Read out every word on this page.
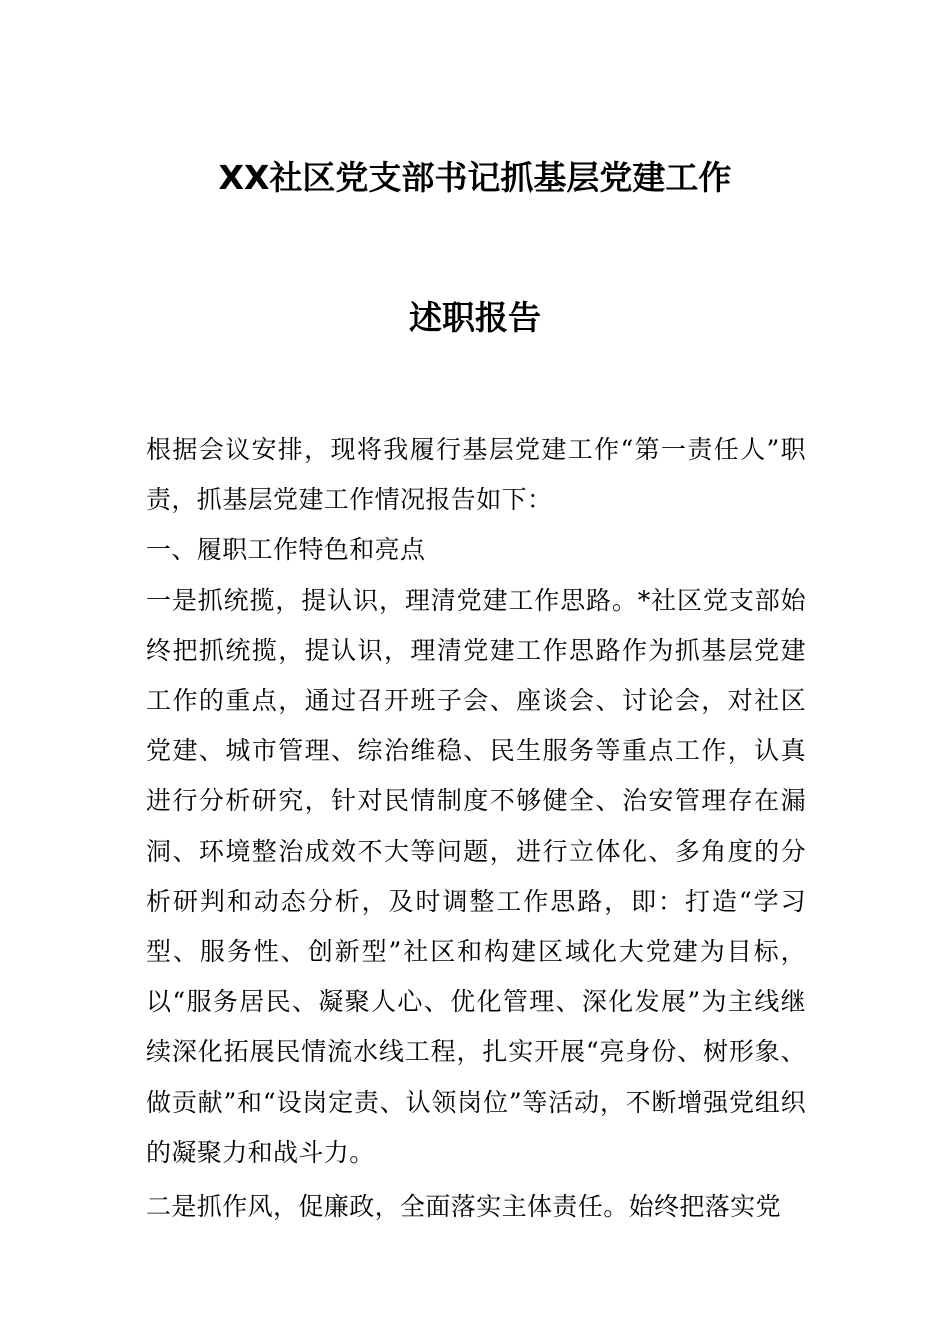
XX社区党支部书记抓基层党建工作
述职报告

根据会议安排，现将我履行基层党建工作“第一责任人”职责，抓基层党建工作情况报告如下：

一、履职工作特色和亮点

一是抓统揽，提认识，理清党建工作思路。*社区党支部始终把抓统揽，提认识，理清党建工作思路作为抓基层党建工作的重点，通过召开班子会、座谈会、讨论会，对社区党建、城市管理、综治维稳、民生服务等重点工作，认真进行分析研究，针对民情制度不够健全、治安管理存在漏洞、环境整治成效不大等问题，进行立体化、多角度的分析研判和动态分析，及时调整工作思路，即：打造“学习型、服务性、创新型”社区和构建区域化大党建为目标，以“服务居民、凝聚人心、优化管理、深化发展”为主线继续深化拓展民情流水线工程，扎实开展“亮身份、树形象、做贡献”和“设岗定责、认领岗位”等活动，不断增强党组织的凝聚力和战斗力。

二是抓作风，促廉政，全面落实主体责任。始终把落实党
